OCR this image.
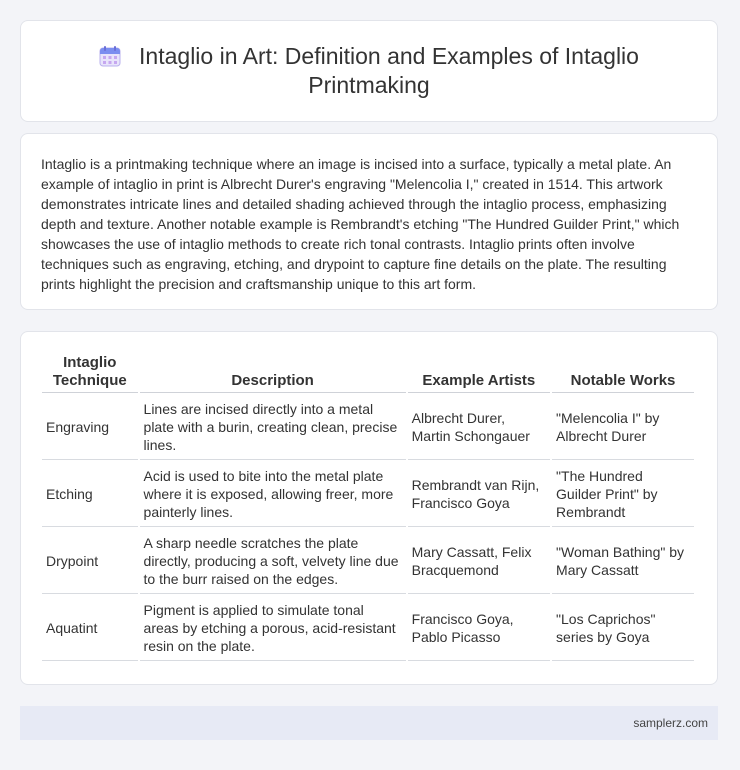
Intaglio in Art: Definition and Examples of Intaglio Printmaking

Intaglio is a printmaking technique where an image is incised into a surface, typically a metal plate. An example of intaglio in print is Albrecht Durer's engraving "Melencolia I," created in 1514. This artwork demonstrates intricate lines and detailed shading achieved through the intaglio process, emphasizing depth and texture. Another notable example is Rembrandt's etching "The Hundred Guilder Print," which showcases the use of intaglio methods to create rich tonal contrasts. Intaglio prints often involve techniques such as engraving, etching, and drypoint to capture fine details on the plate. The resulting prints highlight the precision and craftsmanship unique to this art form.

Intaglio Technique	Description	Example Artists	Notable Works
Engraving	Lines are incised directly into a metal plate with a burin, creating clean, precise lines.	Albrecht Durer, Martin Schongauer	"Melencolia I" by Albrecht Durer
Etching	Acid is used to bite into the metal plate where it is exposed, allowing freer, more painterly lines.	Rembrandt van Rijn, Francisco Goya	"The Hundred Guilder Print" by Rembrandt
Drypoint	A sharp needle scratches the plate directly, producing a soft, velvety line due to the burr raised on the edges.	Mary Cassatt, Felix Bracquemond	"Woman Bathing" by Mary Cassatt
Aquatint	Pigment is applied to simulate tonal areas by etching a porous, acid-resistant resin on the plate.	Francisco Goya, Pablo Picasso	"Los Caprichos" series by Goya
samplerz.com
